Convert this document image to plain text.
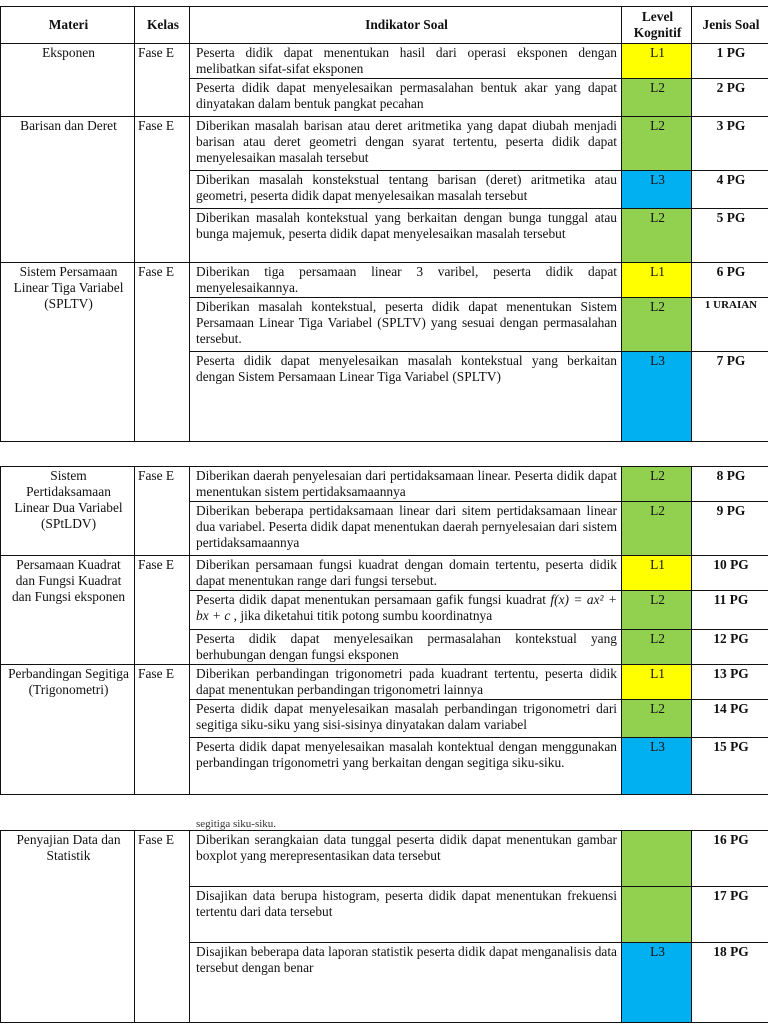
Materi	Kelas	Indikator Soal	Level Kognitif	Jenis Soal
Eksponen	Fase E	Peserta didik dapat menentukan hasil dari operasi eksponen dengan melibatkan sifat-sifat eksponen	L1	1 PG
		Peserta didik dapat menyelesaikan permasalahan bentuk akar yang dapat dinyatakan dalam bentuk pangkat pecahan	L2	2 PG
Barisan dan Deret	Fase E	Diberikan masalah barisan atau deret aritmetika yang dapat diubah menjadi barisan atau deret geometri dengan syarat tertentu, peserta didik dapat menyelesaikan masalah tersebut	L2	3 PG
		Diberikan masalah konstekstual tentang barisan (deret) aritmetika atau geometri, peserta didik dapat menyelesaikan masalah tersebut	L3	4 PG
		Diberikan masalah kontekstual yang berkaitan dengan bunga tunggal atau bunga majemuk, peserta didik dapat menyelesaikan masalah tersebut	L2	5 PG
Sistem Persamaan Linear Tiga Variabel (SPLTV)	Fase E	Diberikan tiga persamaan linear 3 varibel, peserta didik dapat menyelesaikannya.	L1	6 PG
		Diberikan masalah kontekstual, peserta didik dapat menentukan Sistem Persamaan Linear Tiga Variabel (SPLTV) yang sesuai dengan permasalahan tersebut.	L2	1 URAIAN
		Peserta didik dapat menyelesaikan masalah kontekstual yang berkaitan dengan Sistem Persamaan Linear Tiga Variabel (SPLTV)	L3	7 PG
Sistem Pertidaksamaan Linear Dua Variabel (SPtLDV)	Fase E	Diberikan daerah penyelesaian dari pertidaksamaan linear. Peserta didik dapat menentukan sistem pertidaksamaannya	L2	8 PG
		Diberikan beberapa pertidaksamaan linear dari sitem pertidaksamaan linear dua variabel. Peserta didik dapat menentukan daerah pernyelesaian dari sistem pertidaksamaannya	L2	9 PG
Persamaan Kuadrat dan Fungsi Kuadrat dan Fungsi eksponen	Fase E	Diberikan persamaan fungsi kuadrat dengan domain tertentu, peserta didik dapat menentukan range dari fungsi tersebut.	L1	10 PG
		Peserta didik dapat menentukan persamaan gafik fungsi kuadrat f(x) = ax² + bx + c , jika diketahui titik potong sumbu koordinatnya	L2	11 PG
		Peserta didik dapat menyelesaikan permasalahan kontekstual yang berhubungan dengan fungsi eksponen	L2	12 PG
Perbandingan Segitiga (Trigonometri)	Fase E	Diberikan perbandingan trigonometri pada kuadrant tertentu, peserta didik dapat menentukan perbandingan trigonometri lainnya	L1	13 PG
		Peserta didik dapat menyelesaikan masalah perbandingan trigonometri dari segitiga siku-siku yang sisi-sisinya dinyatakan dalam variabel	L2	14 PG
		Peserta didik dapat menyelesaikan masalah kontektual dengan menggunakan perbandingan trigonometri yang berkaitan dengan segitiga siku-siku.	L3	15 PG
segitiga siku-siku.
Penyajian Data dan Statistik	Fase E	Diberikan serangkaian data tunggal peserta didik dapat menentukan gambar boxplot yang merepresentasikan data tersebut		16 PG
		Disajikan data berupa histogram, peserta didik dapat menentukan frekuensi tertentu dari data tersebut		17 PG
		Disajikan beberapa data laporan statistik peserta didik dapat menganalisis data tersebut dengan benar	L3	18 PG
